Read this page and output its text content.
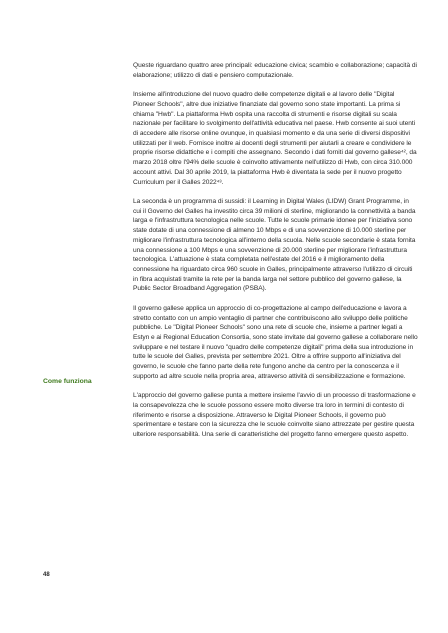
Come funziona

Queste riguardano quattro aree principali: educazione civica; scambio e collaborazione; capacità di elaborazione; utilizzo di dati e pensiero computazionale.

Insieme all'introduzione del nuovo quadro delle competenze digitali e al lavoro delle "Digital Pioneer Schools", altre due iniziative finanziate dal governo sono state importanti. La prima si chiama "Hwb". La piattaforma Hwb ospita una raccolta di strumenti e risorse digitali su scala nazionale per facilitare lo svolgimento dell'attività educativa nel paese. Hwb consente ai suoi utenti di accedere alle risorse online ovunque, in qualsiasi momento e da una serie di diversi dispositivi utilizzati per il web. Fornisce inoltre ai docenti degli strumenti per aiutarli a creare e condividere le proprie risorse didattiche e i compiti che assegnano. Secondo i dati forniti dal governo gallese⁴², da marzo 2018 oltre l'94% delle scuole è coinvolto attivamente nell'utilizzo di Hwb, con circa 310.000 account attivi. Dal 30 aprile 2019, la piattaforma Hwb è diventata la sede per il nuovo progetto Curriculum per il Galles 2022⁴³.

La seconda è un programma di sussidi: il Learning in Digital Wales (LIDW) Grant Programme, in cui il Governo del Galles ha investito circa 39 milioni di sterline, migliorando la connettività a banda larga e l'infrastruttura tecnologica nelle scuole. Tutte le scuole primarie idonee per l'iniziativa sono state dotate di una connessione di almeno 10 Mbps e di una sovvenzione di 10.000 sterline per migliorare l'infrastruttura tecnologica all'interno della scuola. Nelle scuole secondarie è stata fornita una connessione a 100 Mbps e una sovvenzione di 20.000 sterline per migliorare l'infrastruttura tecnologica. L'attuazione è stata completata nell'estate del 2016 e il miglioramento della connessione ha riguardato circa 960 scuole in Galles, principalmente attraverso l'utilizzo di circuiti in fibra acquistati tramite la rete per la banda larga nel settore pubblico del governo gallese, la Public Sector Broadband Aggregation (PSBA).

Il governo gallese applica un approccio di co-progettazione al campo dell'educazione e lavora a stretto contatto con un ampio ventaglio di partner che contribuiscono allo sviluppo delle politiche pubbliche. Le "Digital Pioneer Schools" sono una rete di scuole che, insieme a partner legati a Estyn e ai Regional Education Consortia, sono state invitate dal governo gallese a collaborare nello sviluppare e nel testare il nuovo "quadro delle competenze digitali" prima della sua introduzione in tutte le scuole del Galles, prevista per settembre 2021. Oltre a offrire supporto all'iniziativa del governo, le scuole che fanno parte della rete fungono anche da centro per la conoscenza e il supporto ad altre scuole nella propria area, attraverso attività di sensibilizzazione e formazione.

L'approccio del governo gallese punta a mettere insieme l'avvio di un processo di trasformazione e la consapevolezza che le scuole possono essere molto diverse tra loro in termini di contesto di riferimento e risorse a disposizione. Attraverso le Digital Pioneer Schools, il governo può sperimentare e testare con la sicurezza che le scuole coinvolte siano attrezzate per gestire questa ulteriore responsabilità. Una serie di caratteristiche del progetto fanno emergere questo aspetto.

48
